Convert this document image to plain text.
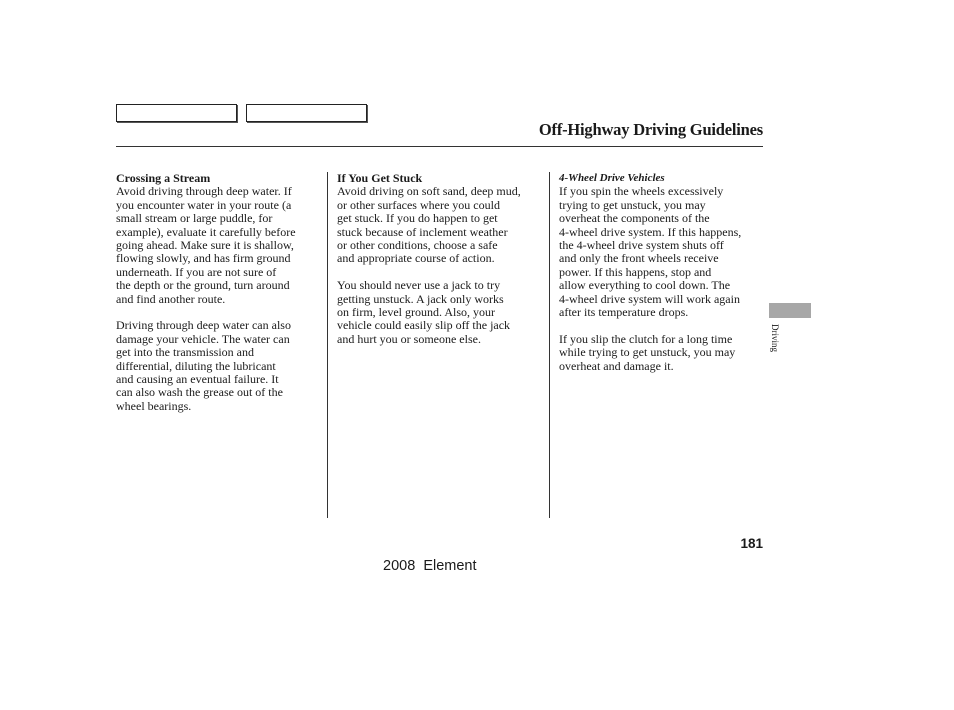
Off-Highway Driving Guidelines
Crossing a Stream

Avoid driving through deep water. If
you encounter water in your route (a
small stream or large puddle, for
example), evaluate it carefully before
going ahead. Make sure it is shallow,
flowing slowly, and has firm ground
underneath. If you are not sure of
the depth or the ground, turn around
and find another route.

Driving through deep water can also
damage your vehicle. The water can
get into the transmission and
differential, diluting the lubricant
and causing an eventual failure. It
can also wash the grease out of the
wheel bearings.

If You Get Stuck

Avoid driving on soft sand, deep mud,
or other surfaces where you could
get stuck. If you do happen to get
stuck because of inclement weather
or other conditions, choose a safe
and appropriate course of action.

You should never use a jack to try
getting unstuck. A jack only works
on firm, level ground. Also, your
vehicle could easily slip off the jack
and hurt you or someone else.

4-Wheel Drive Vehicles

If you spin the wheels excessively
trying to get unstuck, you may
overheat the components of the
4-wheel drive system. If this happens,
the 4-wheel drive system shuts off
and only the front wheels receive
power. If this happens, stop and
allow everything to cool down. The
4-wheel drive system will work again
after its temperature drops.

If you slip the clutch for a long time
while trying to get unstuck, you may
overheat and damage it.

Driving
181
2008  Element
